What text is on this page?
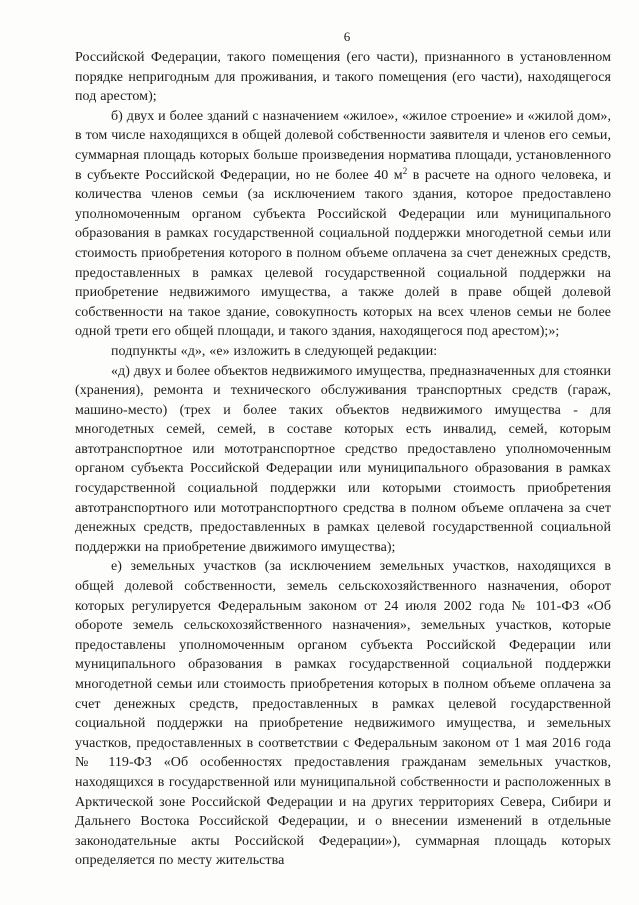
6

Российской Федерации, такого помещения (его части), признанного в установленном порядке непригодным для проживания, и такого помещения (его части), находящегося под арестом);

б) двух и более зданий с назначением «жилое», «жилое строение» и «жилой дом», в том числе находящихся в общей долевой собственности заявителя и членов его семьи, суммарная площадь которых больше произведения норматива площади, установленного в субъекте Российской Федерации, но не более 40 $м^2$ в расчете на одного человека, и количества членов семьи (за исключением такого здания, которое предоставлено уполномоченным органом субъекта Российской Федерации или муниципального образования в рамках государственной социальной поддержки многодетной семьи или стоимость приобретения которого в полном объеме оплачена за счет денежных средств, предоставленных в рамках целевой государственной социальной поддержки на приобретение недвижимого имущества, а также долей в праве общей долевой собственности на такое здание, совокупность которых на всех членов семьи не более одной трети его общей площади, и такого здания, находящегося под арестом);»;

подпункты «д», «е» изложить в следующей редакции:

«д) двух и более объектов недвижимого имущества, предназначенных для стоянки (хранения), ремонта и технического обслуживания транспортных средств (гараж, машино-место) (трех и более таких объектов недвижимого имущества - для многодетных семей, семей, в составе которых есть инвалид, семей, которым автотранспортное или мототранспортное средство предоставлено уполномоченным органом субъекта Российской Федерации или муниципального образования в рамках государственной социальной поддержки или которыми стоимость приобретения автотранспортного или мототранспортного средства в полном объеме оплачена за счет денежных средств, предоставленных в рамках целевой государственной социальной поддержки на приобретение движимого имущества);

е) земельных участков (за исключением земельных участков, находящихся в общей долевой собственности, земель сельскохозяйственного назначения, оборот которых регулируется Федеральным законом от 24 июля 2002 года № 101-ФЗ «Об обороте земель сельскохозяйственного назначения», земельных участков, которые предоставлены уполномоченным органом субъекта Российской Федерации или муниципального образования в рамках государственной социальной поддержки многодетной семьи или стоимость приобретения которых в полном объеме оплачена за счет денежных средств, предоставленных в рамках целевой государственной социальной поддержки на приобретение недвижимого имущества, и земельных участков, предоставленных в соответствии с Федеральным законом от 1 мая 2016 года № 119-ФЗ «Об особенностях предоставления гражданам земельных участков, находящихся в государственной или муниципальной собственности и расположенных в Арктической зоне Российской Федерации и на других территориях Севера, Сибири и Дальнего Востока Российской Федерации, и о внесении изменений в отдельные законодательные акты Российской Федерации»), суммарная площадь которых определяется по месту жительства
